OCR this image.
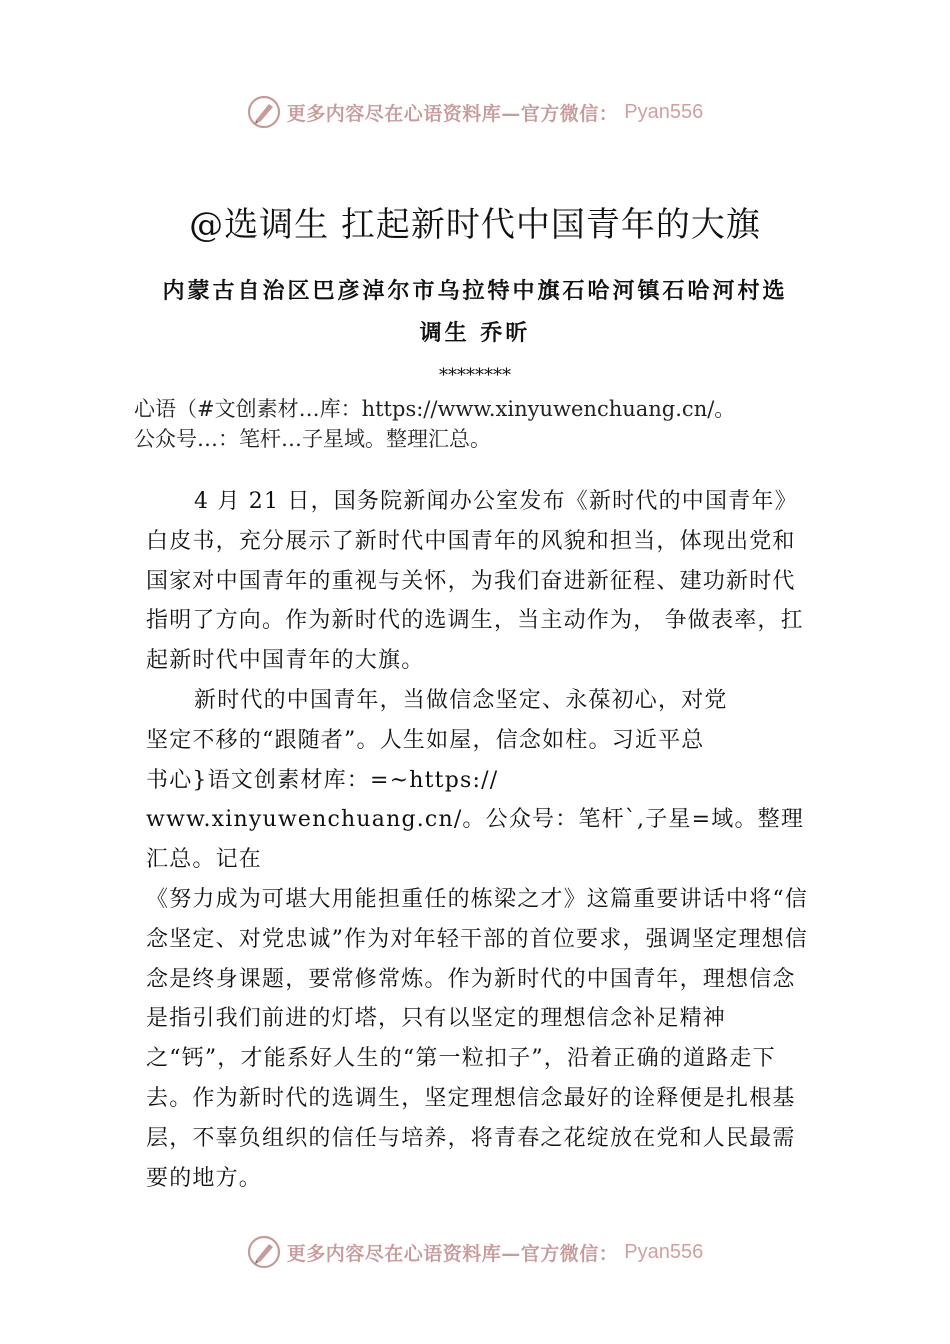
更多内容尽在心语资料库—官方微信： Pyan556
@选调生 扛起新时代中国青年的大旗
内蒙古自治区巴彦淖尔市乌拉特中旗石哈河镇石哈河村选
调生 乔昕
********
心语（#文创素材…库：https://www.xinyuwenchuang.cn/。
公众号…：笔杆…子星域。整理汇总。

4 月 21 日，国务院新闻办公室发布《新时代的中国青年》白皮书，充分展示了新时代中国青年的风貌和担当，体现出党和国家对中国青年的重视与关怀，为我们奋进新征程、建功新时代指明了方向。作为新时代的选调生，当主动作为， 争做表率，扛起新时代中国青年的大旗。

新时代的中国青年，当做信念坚定、永葆初心，对党

坚定不移的“跟随者”。人生如屋，信念如柱。习近平总

书心}语文创素材库：=~https://

www.xinyuwenchuang.cn/。公众号：笔杆`,子星=域。整理

汇总。记在

《努力成为可堪大用能担重任的栋梁之才》这篇重要讲话中将“信念坚定、对党忠诚”作为对年轻干部的首位要求，强调坚定理想信念是终身课题，要常修常炼。作为新时代的中国青年，理想信念是指引我们前进的灯塔，只有以坚定的理想信念补足精神之“钙”，才能系好人生的“第一粒扣子”，沿着正确的道路走下去。作为新时代的选调生，坚定理想信念最好的诠释便是扎根基层，不辜负组织的信任与培养，将青春之花绽放在党和人民最需要的地方。

更多内容尽在心语资料库—官方微信： Pyan556
